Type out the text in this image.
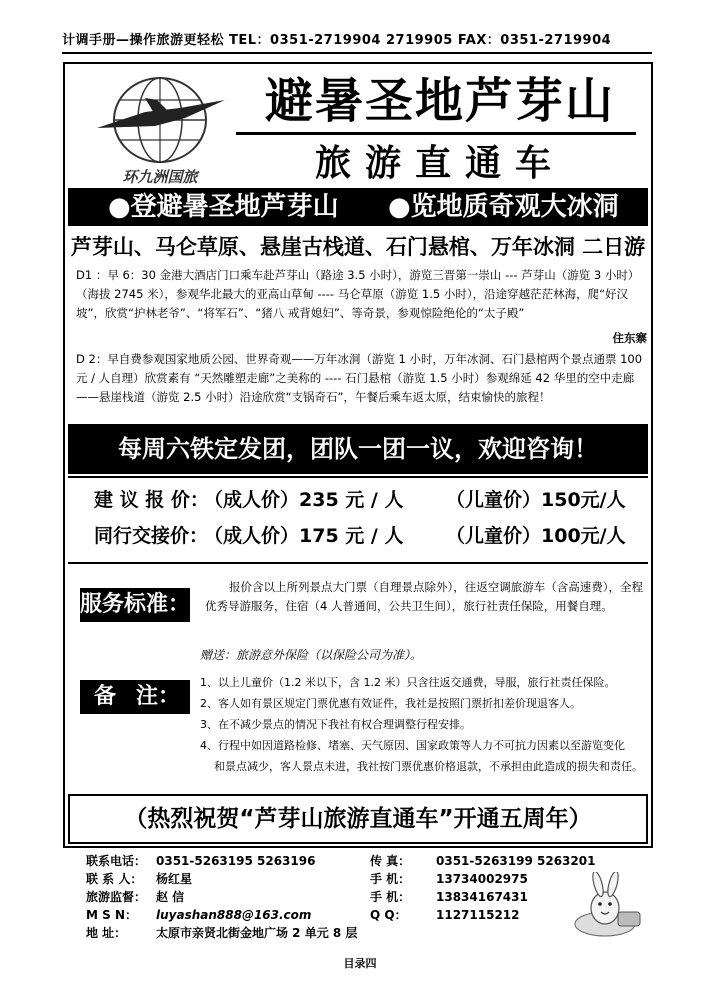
计调手册—操作旅游更轻松 TEL：0351-2719904 2719905 FAX：0351-2719904
环九洲国旅
避暑圣地芦芽山
旅游直通车
●登避暑圣地芦芽山 ●览地质奇观大冰洞
芦芽山、马仑草原、悬崖古栈道、石门悬棺、万年冰洞 二日游
D1 ：早 6：30 金港大酒店门口乘车赴芦芽山（路途 3.5 小时），游览三晋第一崇山 --- 芦芽山（游览 3 小时）（海拔 2745 米），参观华北最大的亚高山草甸 ---- 马仑草原（游览 1.5 小时），沿途穿越茫茫林海，爬“好汉坡”，欣赏“护林老爷”、“将军石”、“猪八 戒背媳妇”、等奇景，参观惊险绝伦的“太子殿”
住东寨
D 2：早自费参观国家地质公园、世界奇观——万年冰洞（游览 1 小时，万年冰洞、石门悬棺两个景点通票 100 元 / 人自理）欣赏素有 “天然雕塑走廊”之美称的 ---- 石门悬棺（游览 1.5 小时）参观绵延 42 华里的空中走廊——悬崖栈道（游览 2.5 小时）沿途欣赏“支锅奇石”，午餐后乘车返太原，结束愉快的旅程！
每周六铁定发团，团队一团一议，欢迎咨询！
建 议 报 价：
（成人价）235 元 / 人 （儿童价）150元/人
同行交接价：
（成人价）175 元 / 人 （儿童价）100元/人
服务标准：
报价含以上所列景点大门票（自理景点除外），往返空调旅游车（含高速费），全程优秀导游服务，住宿（4 人普通间，公共卫生间），旅行社责任保险，用餐自理。
赠送：旅游意外保险（以保险公司为准）。
备 注：
1、以上儿童价（1.2 米以下，含 1.2 米）只含往返交通费，导服，旅行社责任保险。
2、客人如有景区规定门票优惠有效证件，我社是按照门票折扣差价现退客人。
3、在不减少景点的情况下我社有权合理调整行程安排。
4、行程中如因道路检修、堵塞、天气原因、国家政策等人力不可抗力因素以至游览变化
和景点减少，客人景点未进，我社按门票优惠价格退款，不承担由此造成的损失和责任。
（热烈祝贺“芦芽山旅游直通车”开通五周年）
联系电话： 0351-5263195 5263196	传 真： 0351-5263199 5263201
联 系 人： 杨红星	手 机： 13734002975
旅游监督： 赵 信	手 机： 13834167431
M S N： luyashan888@163.com	Q Q： 1127115212
地 址： 太原市亲贤北街金地广场 2 单元 8 层
目录四
